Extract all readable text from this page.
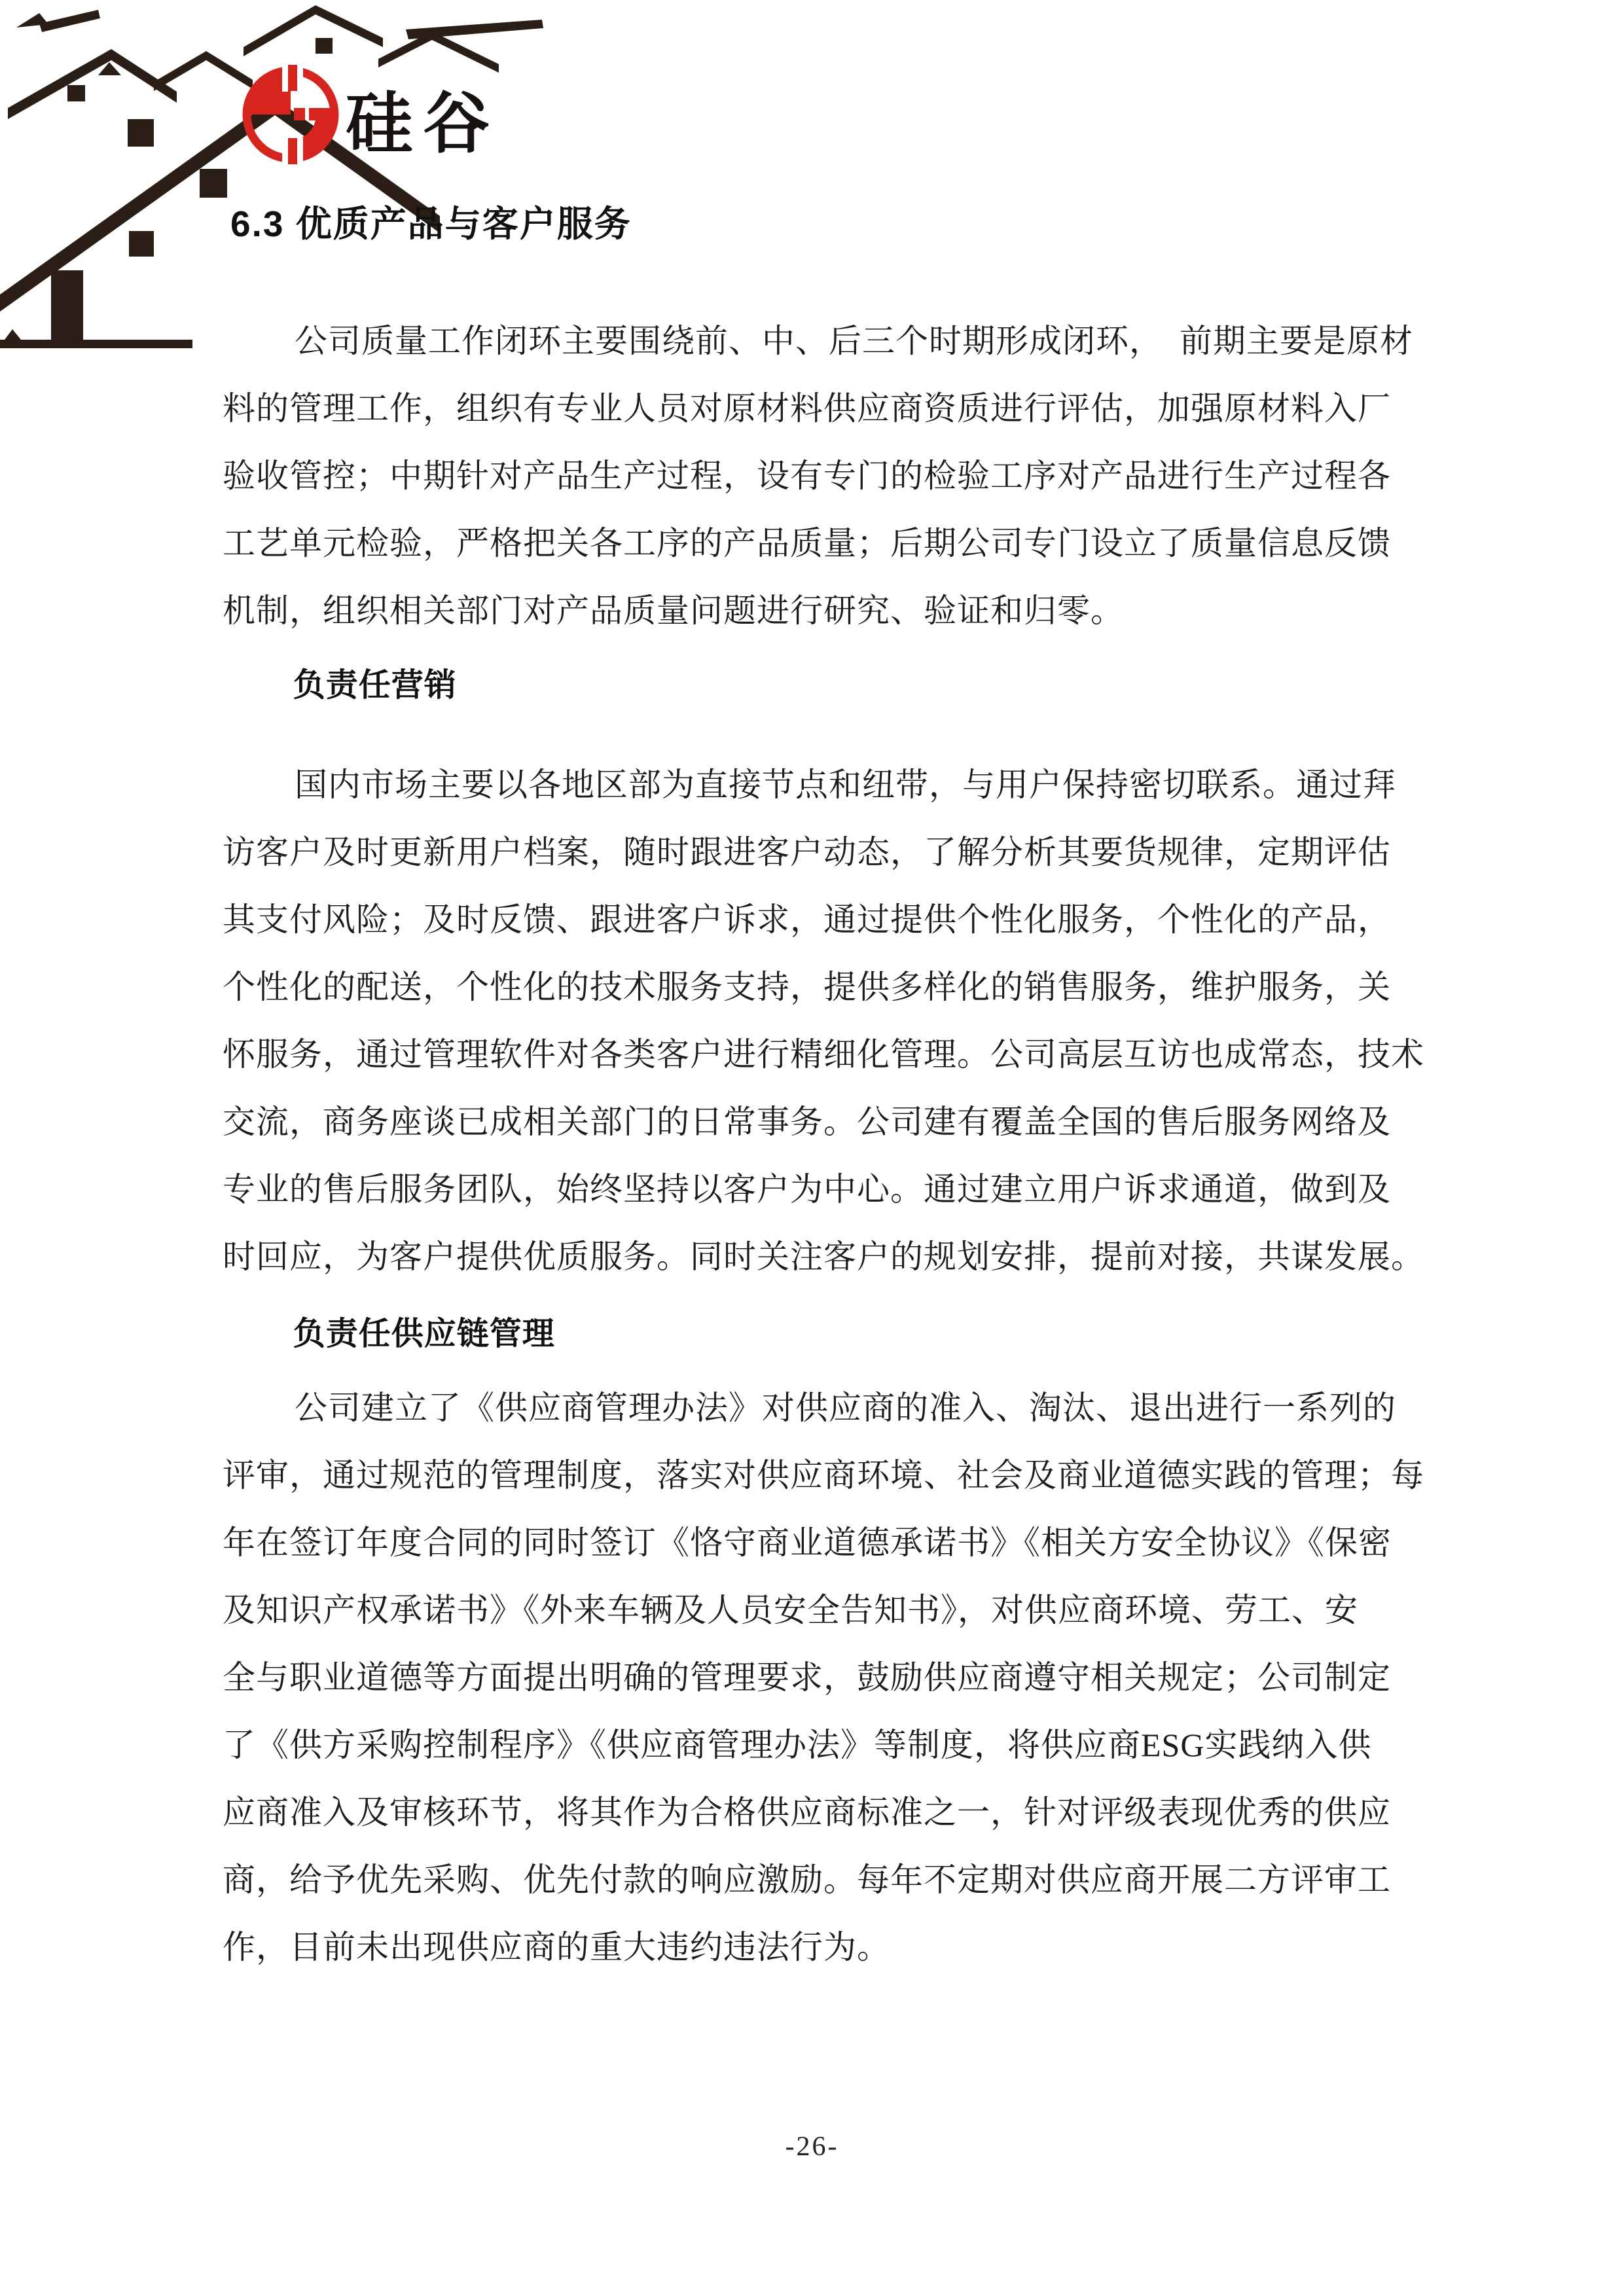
硅谷
6.3 优质产品与客户服务
公司质量工作闭环主要围绕前、中、后三个时期形成闭环，　前期主要是原材
料的管理工作，组织有专业人员对原材料供应商资质进行评估，加强原材料入厂
验收管控；中期针对产品生产过程，设有专门的检验工序对产品进行生产过程各
工艺单元检验，严格把关各工序的产品质量；后期公司专门设立了质量信息反馈
机制，组织相关部门对产品质量问题进行研究、验证和归零。
负责任营销
国内市场主要以各地区部为直接节点和纽带，与用户保持密切联系。通过拜
访客户及时更新用户档案，随时跟进客户动态，了解分析其要货规律，定期评估
其支付风险；及时反馈、跟进客户诉求，通过提供个性化服务，个性化的产品，
个性化的配送，个性化的技术服务支持，提供多样化的销售服务，维护服务，关
怀服务，通过管理软件对各类客户进行精细化管理。公司高层互访也成常态，技术
交流，商务座谈已成相关部门的日常事务。公司建有覆盖全国的售后服务网络及
专业的售后服务团队，始终坚持以客户为中心。通过建立用户诉求通道，做到及
时回应，为客户提供优质服务。同时关注客户的规划安排，提前对接，共谋发展。
负责任供应链管理
公司建立了《供应商管理办法》对供应商的准入、淘汰、退出进行一系列的
评审，通过规范的管理制度，落实对供应商环境、社会及商业道德实践的管理；每
年在签订年度合同的同时签订《恪守商业道德承诺书》《相关方安全协议》《保密
及知识产权承诺书》《外来车辆及人员安全告知书》，对供应商环境、劳工、安
全与职业道德等方面提出明确的管理要求，鼓励供应商遵守相关规定；公司制定
了《供方采购控制程序》《供应商管理办法》等制度，将供应商ESG实践纳入供
应商准入及审核环节，将其作为合格供应商标准之一，针对评级表现优秀的供应
商，给予优先采购、优先付款的响应激励。每年不定期对供应商开展二方评审工
作，目前未出现供应商的重大违约违法行为。
-26-
